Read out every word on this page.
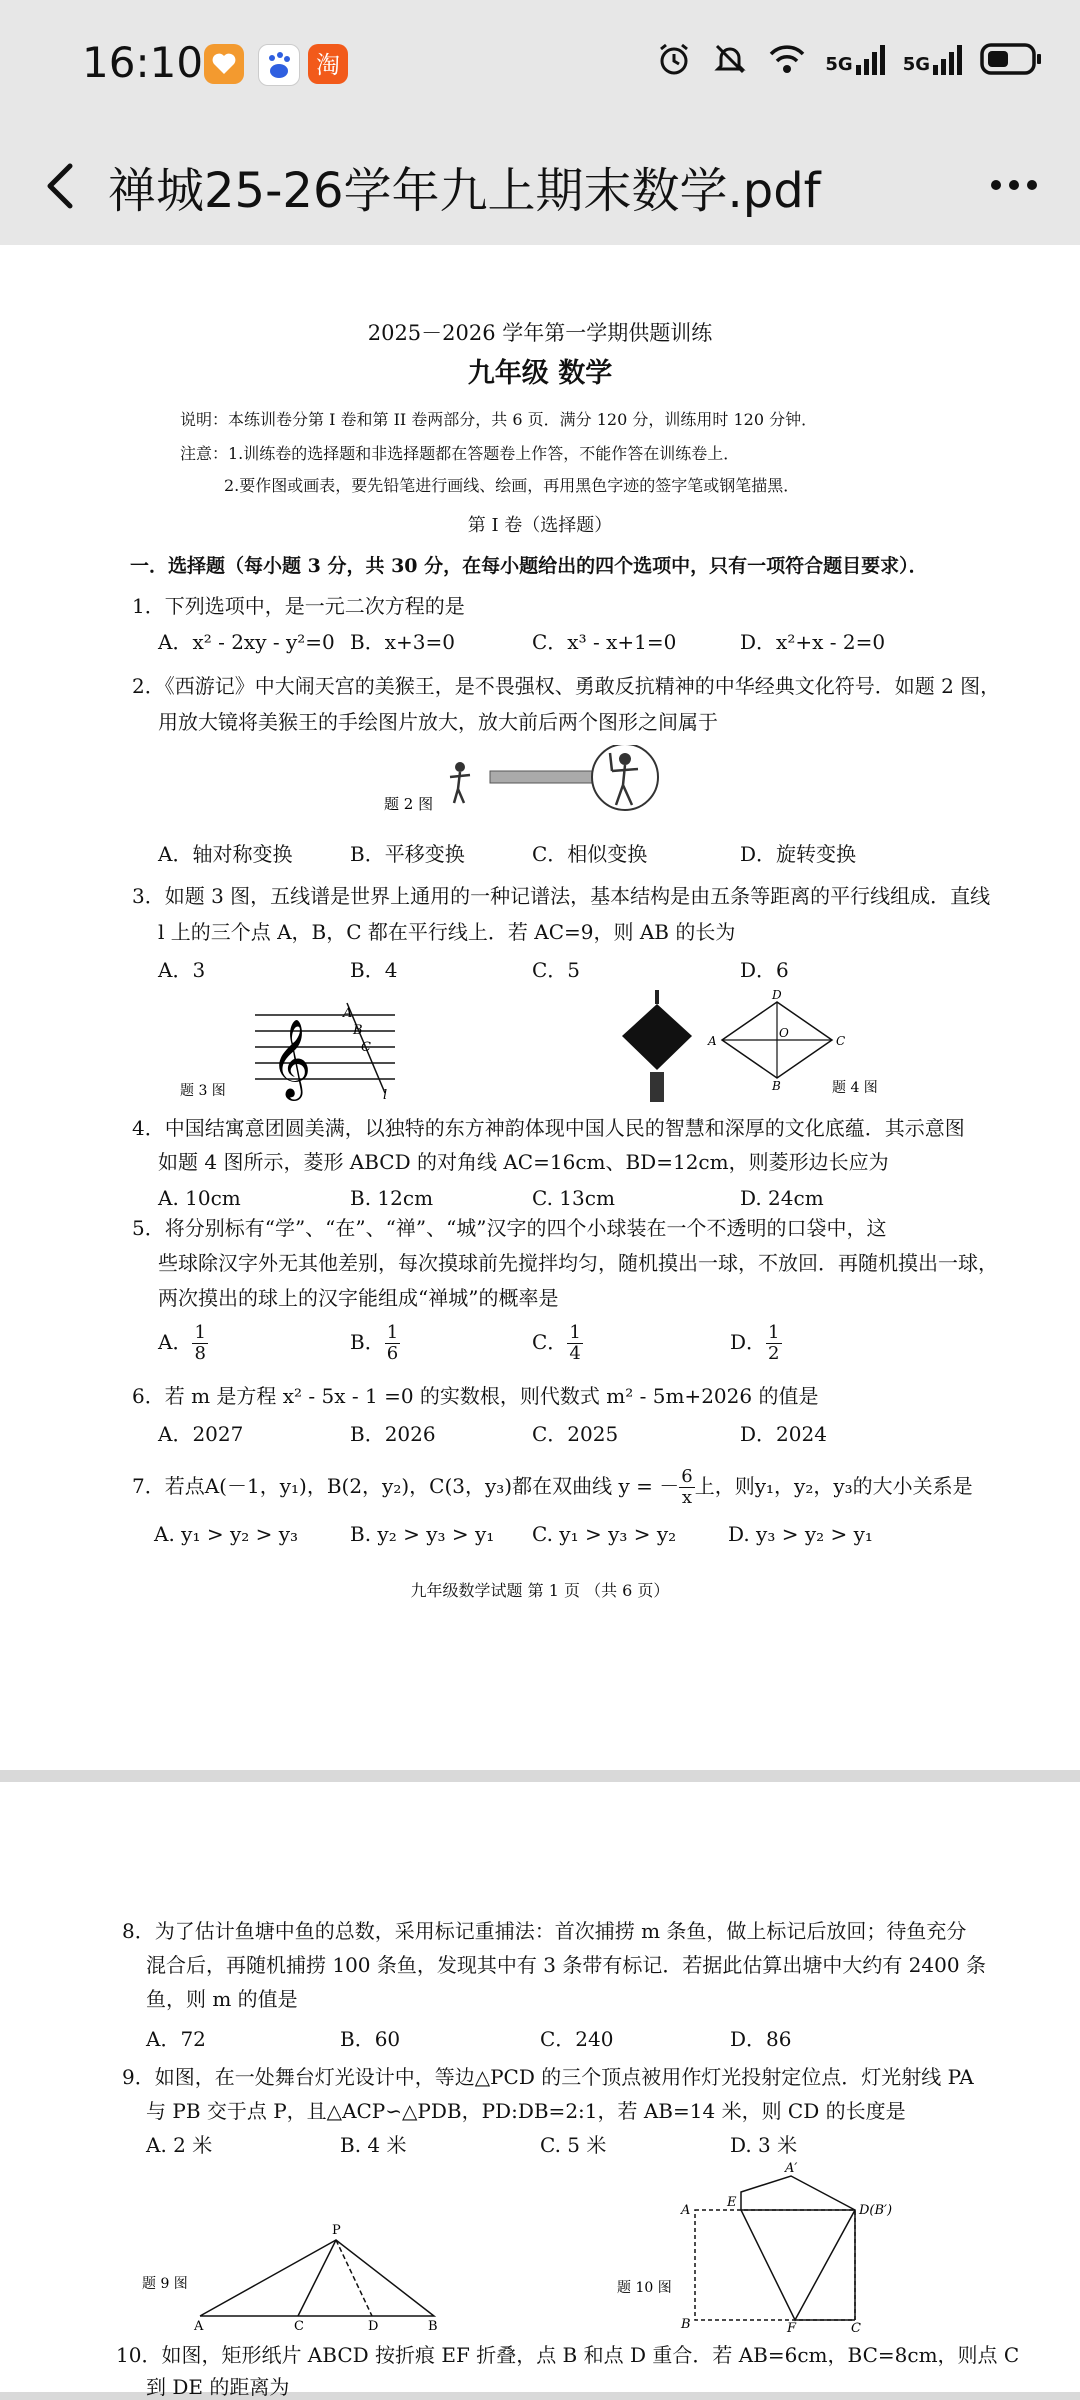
16:10	淘	5G	5G
禅城25-26学年九上期末数学.pdf
2025－2026 学年第一学期供题训练
九年级 数学
说明：本练训卷分第 I 卷和第 II 卷两部分，共 6 页．满分 120 分，训练用时 120 分钟．
注意：1.训练卷的选择题和非选择题都在答题卷上作答，不能作答在训练卷上．
2.要作图或画表，要先铅笔进行画线、绘画，再用黑色字迹的签字笔或钢笔描黑．
第 I 卷（选择题）
一．选择题（每小题 3 分，共 30 分，在每小题给出的四个选项中，只有一项符合题目要求）．
1．下列选项中，是一元二次方程的是
A．x² - 2xy - y²=0 B．x+3=0	C．x³ - x+1=0	D．x²+x - 2=0
2．《西游记》中大闹天宫的美猴王，是不畏强权、勇敢反抗精神的中华经典文化符号．如题 2 图，
用放大镜将美猴王的手绘图片放大，放大前后两个图形之间属于
题 2 图
A．轴对称变换	B．平移变换	C．相似变换	D．旋转变换
3．如题 3 图，五线谱是世界上通用的一种记谱法，基本结构是由五条等距离的平行线组成．直线
l 上的三个点 A，B，C 都在平行线上．若 AC=9，则 AB 的长为
A．3	B．4	C．5	D．6
题 3 图 𝄞
A
B
C
l
D
A	C
B
O
题 4 图
4．中国结寓意团圆美满，以独特的东方神韵体现中国人民的智慧和深厚的文化底蕴．其示意图
如题 4 图所示，菱形 ABCD 的对角线 AC=16cm、BD=12cm，则菱形边长应为
A. 10cm	B. 12cm	C. 13cm	D. 24cm
5．将分别标有“学”、“在”、“禅”、“城”汉字的四个小球装在一个不透明的口袋中，这
些球除汉字外无其他差别，每次摸球前先搅拌均匀，随机摸出一球，不放回．再随机摸出一球，
两次摸出的球上的汉字能组成“禅城”的概率是
A． $\frac{1}{8}$	B． $\frac{1}{6}$	C． $\frac{1}{4}$	D． $\frac{1}{2}$
6．若 m 是方程 x² - 5x - 1 =0 的实数根，则代数式 m² - 5m+2026 的值是
A．2027	B．2026	C．2025	D．2024
7．若点A(－1，y₁)，B(2，y₂)，C(3，y₃)都在双曲线 y = － $\frac{6}{x}$ 上，则y₁，y₂，y₃的大小关系是
A. y₁ > y₂ > y₃	B. y₂ > y₃ > y₁ C. y₁ > y₃ > y₂	D. y₃ > y₂ > y₁
九年级数学试题 第 1 页 （共 6 页）
8．为了估计鱼塘中鱼的总数，采用标记重捕法：首次捕捞 m 条鱼，做上标记后放回；待鱼充分
混合后，再随机捕捞 100 条鱼，发现其中有 3 条带有标记．若据此估算出塘中大约有 2400 条
鱼，则 m 的值是
A．72	B．60	C．240	D．86
9．如图，在一处舞台灯光设计中，等边△PCD 的三个顶点被用作灯光投射定位点．灯光射线 PA
与 PB 交于点 P，且△ACP∽△PDB，PD:DB=2:1，若 AB=14 米，则 CD 的长度是
A. 2 米	B. 4 米	C. 5 米	D. 3 米
题 9 图
P
A	C	D	B
题 10 图
A′
A
E
D(B′)
B	F	C
10．如图，矩形纸片 ABCD 按折痕 EF 折叠，点 B 和点 D 重合．若 AB=6cm，BC=8cm，则点 C
到 DE 的距离为
